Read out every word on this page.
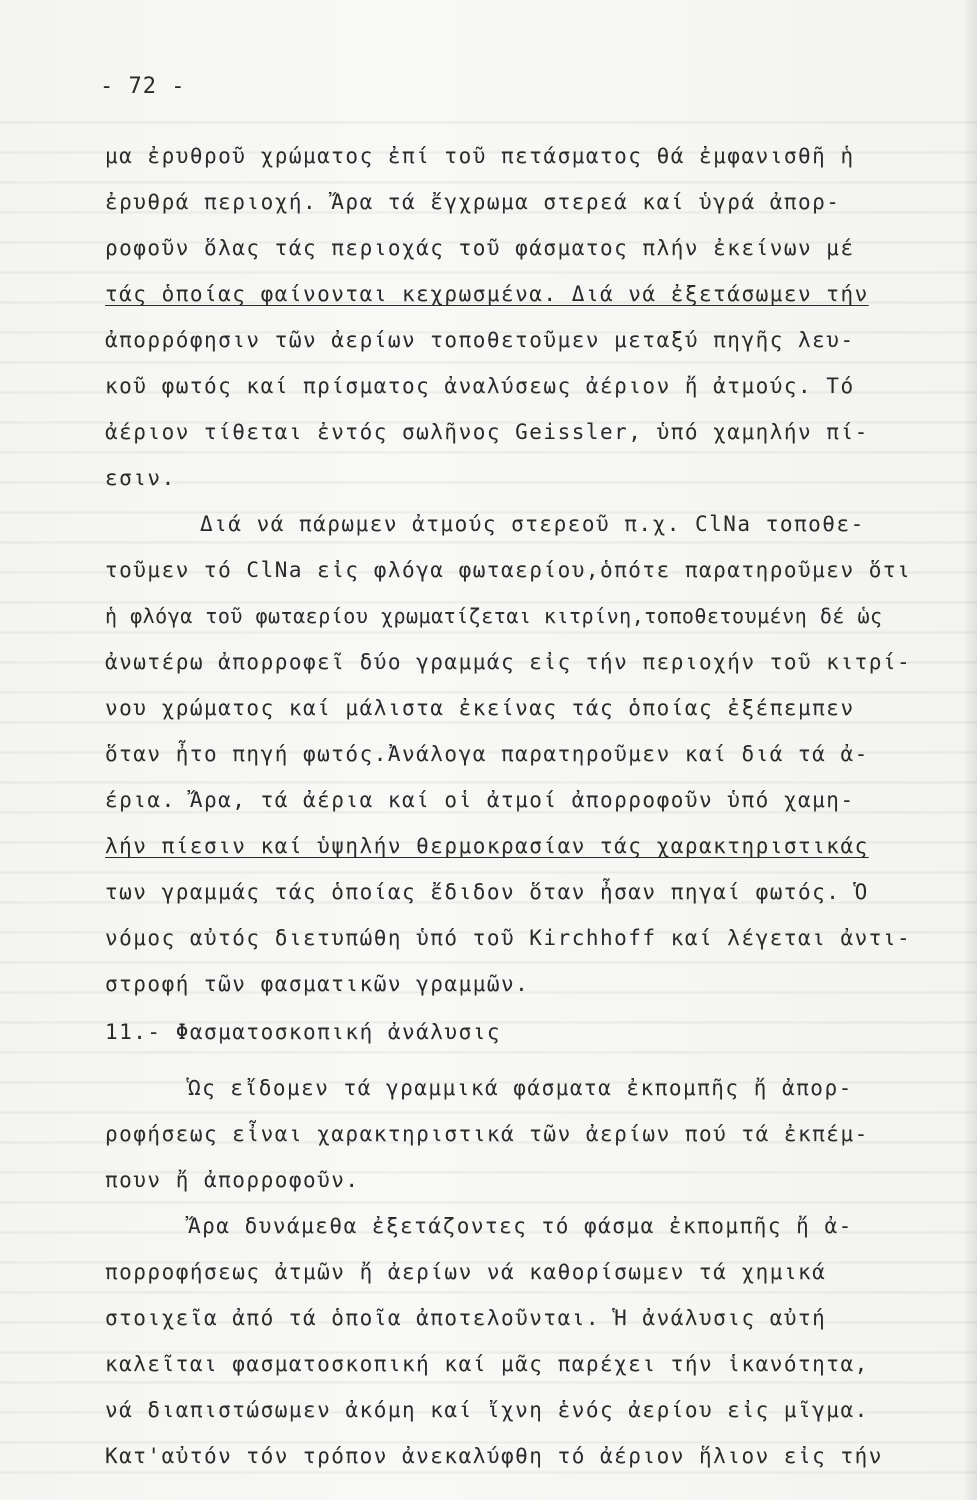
- 72 -
μα ἐρυθροῦ χρώματος ἐπί τοῦ πετάσματος θά ἐμφανισθῆ ἡ
ἐρυθρά περιοχή. Ἄρα τά ἔγχρωμα στερεά καί ὑγρά ἀπορ-
ροφοῦν ὅλας τάς περιοχάς τοῦ φάσματος πλήν ἐκείνων μέ
τάς ὁποίας φαίνονται κεχρωσμένα. Διά νά ἐξετάσωμεν τήν
ἀπορρόφησιν τῶν ἀερίων τοποθετοῦμεν μεταξύ πηγῆς λευ-
κοῦ φωτός καί πρίσματος ἀναλύσεως ἀέριον ἤ ἀτμούς. Τό
ἀέριον τίθεται ἐντός σωλῆνος Geissler, ὑπό χαμηλήν πί-
εσιν.
Διά νά πάρωμεν ἀτμούς στερεοῦ π.χ. ClNa τοποθε-
τοῦμεν τό ClNa εἰς φλόγα φωταερίου,ὁπότε παρατηροῦμεν ὅτι
ἡ φλόγα τοῦ φωταερίου χρωματίζεται κιτρίνη,τοποθετουμένη δέ ὡς
ἀνωτέρω ἀπορροφεῖ δύο γραμμάς εἰς τήν περιοχήν τοῦ κιτρί-
νου χρώματος καί μάλιστα ἐκείνας τάς ὁποίας ἐξέπεμπεν
ὅταν ἦτο πηγή φωτός.Ἀνάλογα παρατηροῦμεν καί διά τά ἀ-
έρια. Ἄρα, τά ἀέρια καί οἱ ἀτμοί ἀπορροφοῦν ὑπό χαμη-
λήν πίεσιν καί ὑψηλήν θερμοκρασίαν τάς χαρακτηριστικάς
των γραμμάς τάς ὁποίας ἔδιδον ὅταν ἦσαν πηγαί φωτός. Ὁ
νόμος αὐτός διετυπώθη ὑπό τοῦ Kirchhoff καί λέγεται ἀντι-
στροφή τῶν φασματικῶν γραμμῶν.
11.- Φασματοσκοπική ἀνάλυσις
Ὡς εἴδομεν τά γραμμικά φάσματα ἐκπομπῆς ἤ ἀπορ-
ροφήσεως εἶναι χαρακτηριστικά τῶν ἀερίων πού τά ἐκπέμ-
πουν ἤ ἀπορροφοῦν.
Ἄρα δυνάμεθα ἐξετάζοντες τό φάσμα ἐκπομπῆς ἤ ἀ-
πορροφήσεως ἀτμῶν ἤ ἀερίων νά καθορίσωμεν τά χημικά
στοιχεῖα ἀπό τά ὁποῖα ἀποτελοῦνται. Ἡ ἀνάλυσις αὐτή
καλεῖται φασματοσκοπική καί μᾶς παρέχει τήν ἱκανότητα,
νά διαπιστώσωμεν ἀκόμη καί ἴχνη ἑνός ἀερίου εἰς μῖγμα.
Κατ'αὐτόν τόν τρόπον ἀνεκαλύφθη τό ἀέριον ἥλιον εἰς τήν
